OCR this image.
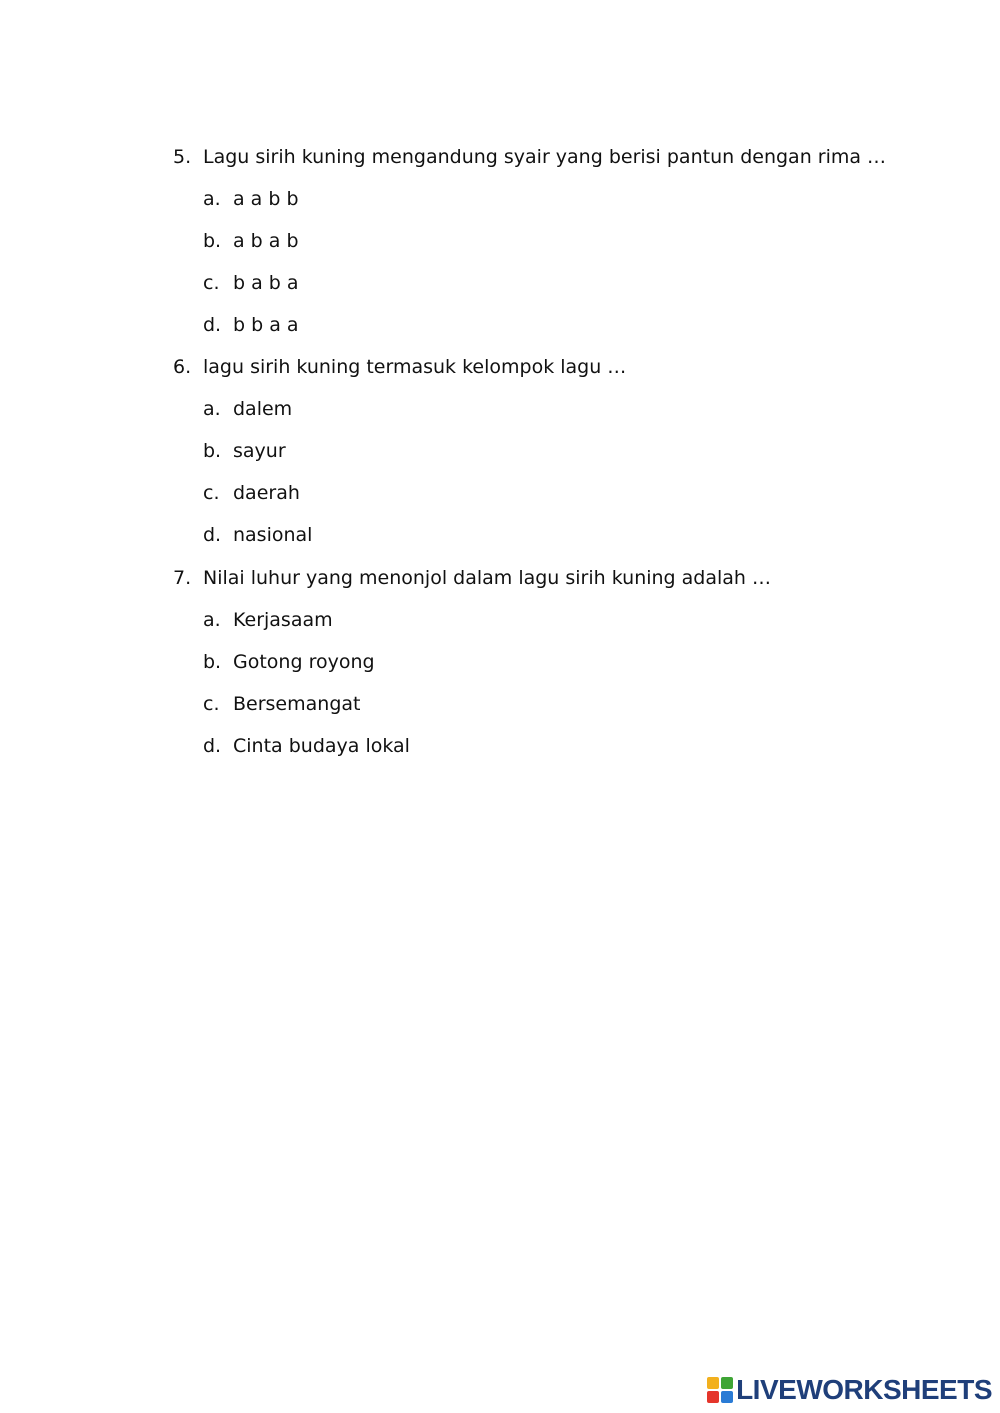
5. Lagu sirih kuning mengandung syair yang berisi pantun dengan rima …
a. a a b b
b. a b a b
c. b a b a
d. b b a a
6. lagu sirih kuning termasuk kelompok lagu …
a. dalem
b. sayur
c. daerah
d. nasional
7. Nilai luhur yang menonjol dalam lagu sirih kuning adalah …
a. Kerjasaam
b. Gotong royong
c. Bersemangat
d. Cinta budaya lokal
LIVEWORKSHEETS
